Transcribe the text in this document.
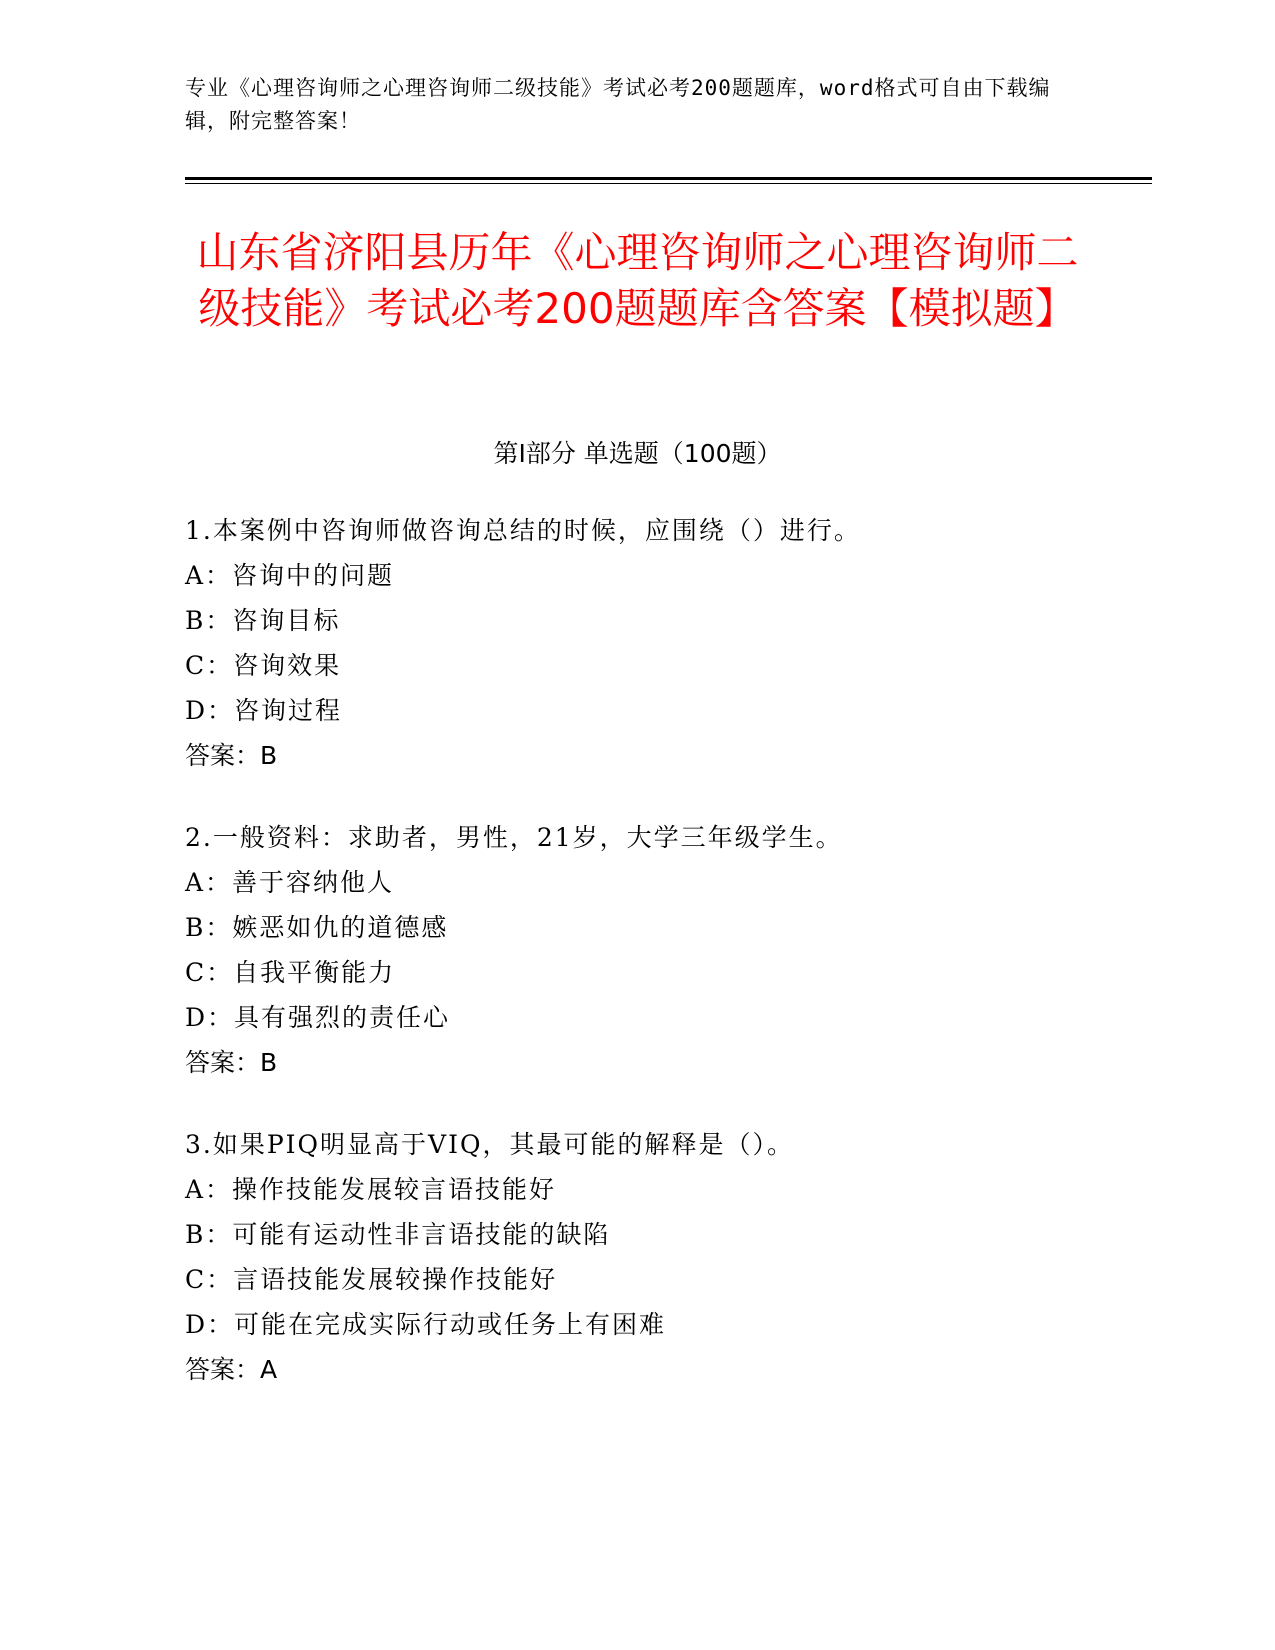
专业《心理咨询师之心理咨询师二级技能》考试必考200题题库，word格式可自由下载编辑，附完整答案！
山东省济阳县历年《心理咨询师之心理咨询师二级技能》考试必考200题题库含答案【模拟题】
第I部分 单选题（100题）
1.本案例中咨询师做咨询总结的时候，应围绕（）进行。
A：咨询中的问题
B：咨询目标
C：咨询效果
D：咨询过程
答案：B
2.一般资料：求助者，男性，21岁，大学三年级学生。
A：善于容纳他人
B：嫉恶如仇的道德感
C：自我平衡能力
D：具有强烈的责任心
答案：B
3.如果PIQ明显高于VIQ，其最可能的解释是（）。
A：操作技能发展较言语技能好
B：可能有运动性非言语技能的缺陷
C：言语技能发展较操作技能好
D：可能在完成实际行动或任务上有困难
答案：A
